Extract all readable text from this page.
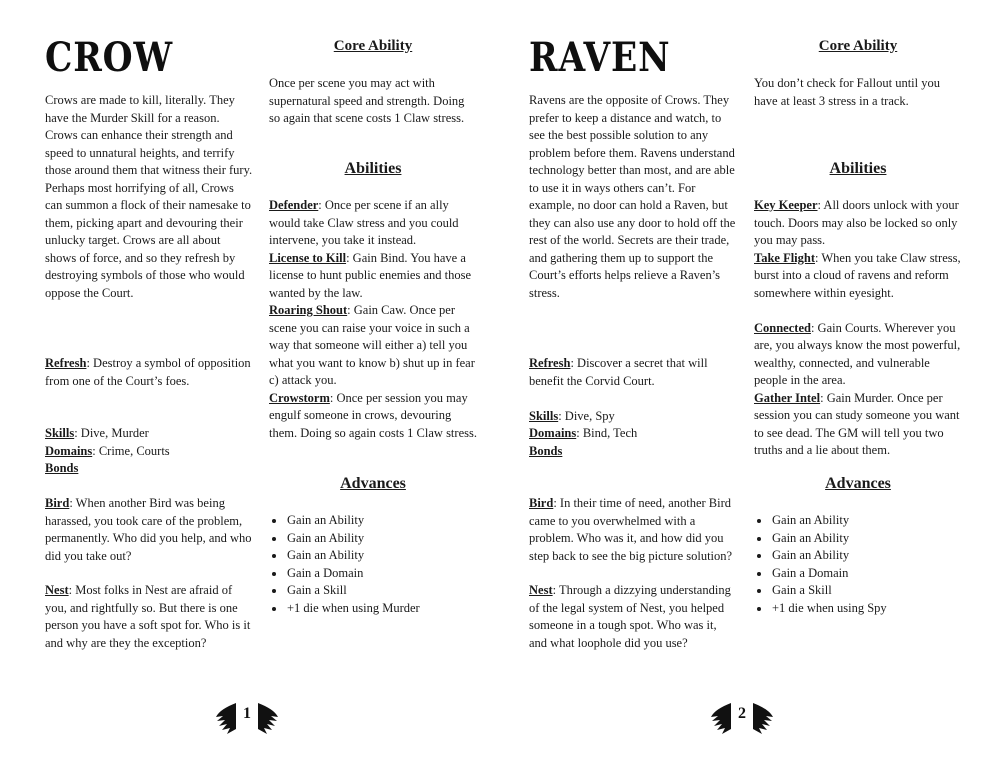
CROW

Crows are made to kill, literally. They have the Murder Skill for a reason. Crows can enhance their strength and speed to unnatural heights, and terrify those around them that witness their fury. Perhaps most horrifying of all, Crows can summon a flock of their namesake to them, picking apart and devouring their unlucky target. Crows are all about shows of force, and so they refresh by destroying symbols of those who would oppose the Court.

Refresh: Destroy a symbol of opposition from one of the Court’s foes.

Skills: Dive, Murder

Domains: Crime, Courts

Bonds

Bird: When another Bird was being harassed, you took care of the problem, permanently. Who did you help, and who did you take out?

Nest: Most folks in Nest are afraid of you, and rightfully so. But there is one person you have a soft spot for. Who is it and why are they the exception?

Core Ability

Once per scene you may act with supernatural speed and strength. Doing so again that scene costs 1 Claw stress.

Abilities

Defender: Once per scene if an ally would take Claw stress and you could intervene, you take it instead.

License to Kill: Gain Bind. You have a license to hunt public enemies and those wanted by the law.

Roaring Shout: Gain Caw. Once per scene you can raise your voice in such a way that someone will either a) tell you what you want to know b) shut up in fear c) attack you.

Crowstorm: Once per session you may engulf someone in crows, devouring them. Doing so again costs 1 Claw stress.

Advances
Gain an Ability
Gain an Ability
Gain an Ability
Gain a Domain
Gain a Skill
+1 die when using Murder
1
RAVEN

Ravens are the opposite of Crows. They prefer to keep a distance and watch, to see the best possible solution to any problem before them. Ravens understand technology better than most, and are able to use it in ways others can’t. For example, no door can hold a Raven, but they can also use any door to hold off the rest of the world. Secrets are their trade, and gathering them up to support the Court’s efforts helps relieve a Raven’s stress.

Refresh: Discover a secret that will benefit the Corvid Court.

Skills: Dive, Spy

Domains: Bind, Tech

Bonds

Bird: In their time of need, another Bird came to you overwhelmed with a problem. Who was it, and how did you step back to see the big picture solution?

Nest: Through a dizzying understanding of the legal system of Nest, you helped someone in a tough spot. Who was it, and what loophole did you use?

Core Ability

You don’t check for Fallout until you have at least 3 stress in a track.

Abilities

Key Keeper: All doors unlock with your touch. Doors may also be locked so only you may pass.

Take Flight: When you take Claw stress, burst into a cloud of ravens and reform somewhere within eyesight.

Connected: Gain Courts. Wherever you are, you always know the most powerful, wealthy, connected, and vulnerable people in the area.

Gather Intel: Gain Murder. Once per session you can study someone you want to see dead. The GM will tell you two truths and a lie about them.

Advances
Gain an Ability
Gain an Ability
Gain an Ability
Gain a Domain
Gain a Skill
+1 die when using Spy
2
